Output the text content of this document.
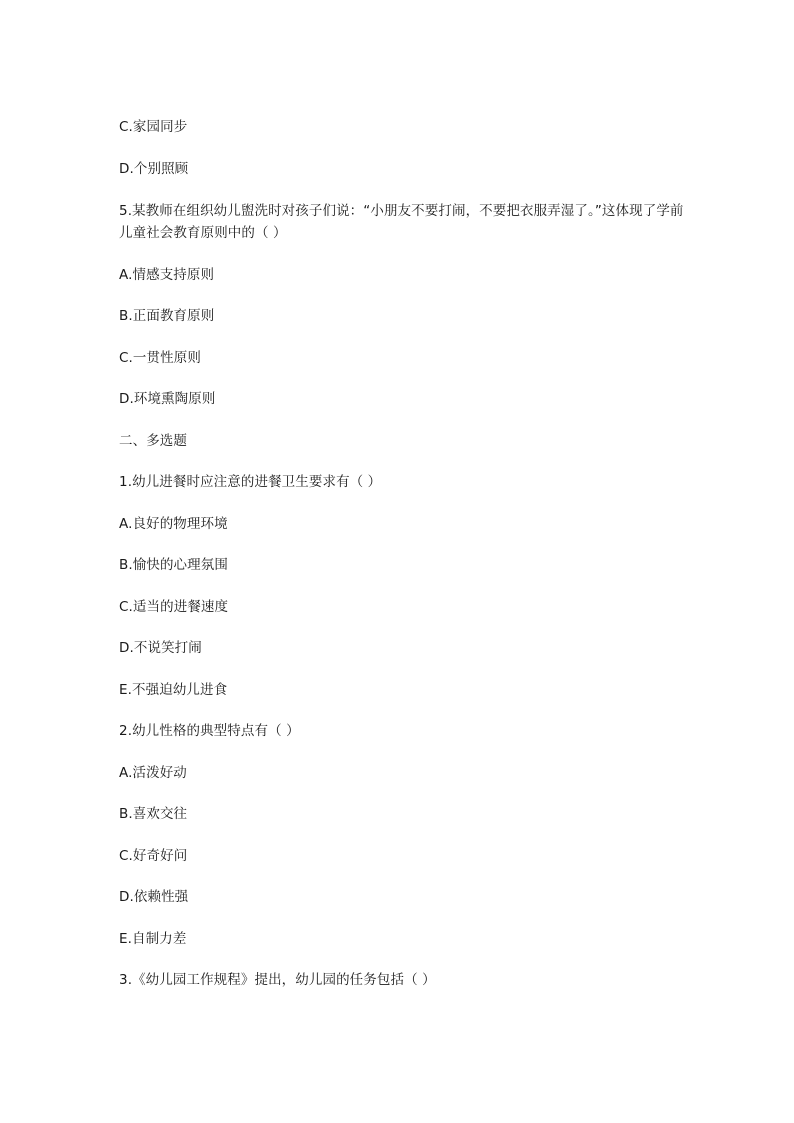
C.家园同步

D.个别照顾

5.某教师在组织幼儿盥洗时对孩子们说：“小朋友不要打闹，不要把衣服弄湿了。”这体现了学前儿童社会教育原则中的（ ）

A.情感支持原则

B.正面教育原则

C.一贯性原则

D.环境熏陶原则

二、多选题

1.幼儿进餐时应注意的进餐卫生要求有（ ）

A.良好的物理环境

B.愉快的心理氛围

C.适当的进餐速度

D.不说笑打闹

E.不强迫幼儿进食

2.幼儿性格的典型特点有（ ）

A.活泼好动

B.喜欢交往

C.好奇好问

D.依赖性强

E.自制力差

3.《幼儿园工作规程》提出，幼儿园的任务包括（ ）
